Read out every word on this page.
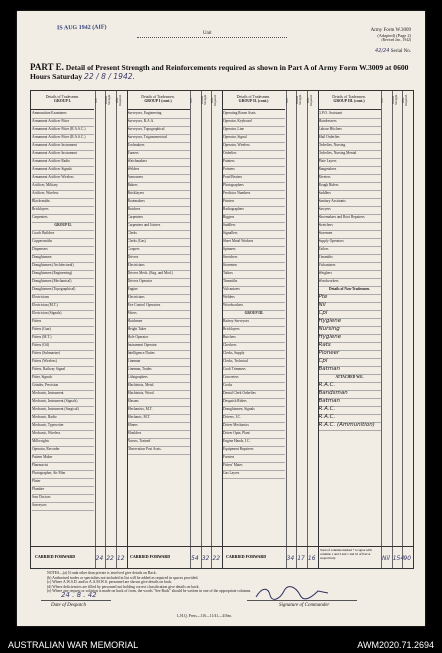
IS AUG 1942 (AIF)
Unit
Army Form W.3009
(Adapted) (Page 2)
(Revised Jan., 1942)
42/24 Serial No.
PART E. Detail of Present Strength and Reinforcements required as shown in Part A of Army Form W.3009 at 0600 Hours Saturday 22 / 8 / 1942.
Details of Tradesmen.
GROUP I.
Details of Tradesmen.
GROUP I (cont.)
Details of Tradesmen.
GROUP II. (cont.)
Details of Tradesmen.
GROUP III. (cont.)
W.E.	Posted Strength.	Rfts. Required.	W.E.	Posted Strength.	Rfts. Required.	W.E.	Posted Strength.	Rfts. Required.	W.E.	Posted Strength.	Rfts. Required.
Ammunition Examiners
Armament Artificer Fitter
Armament Artificer Fitter (R.A.S.C.)
Armament Artificer Fitter (R.A.S.C.)
Armament Artificer Instrument
Armament Artificer Instrument
Armament Artificer Radio
Armament Artificer Signals
Armament Artificer Wireless
Artificer, Military
Artificer, Wireless
Blacksmiths
Bricklayers
Carpenters
GROUP II.
Coach Builders
Coppersmiths
Dispensers
Draughtsmen
Draughtsmen (Architectural)
Draughtsmen (Engineering)
Draughtsmen (Mechanical)
Draughtsmen (Topographical)
Electricians
Electrician (M.T.)
Electrician (Signals)
Fitters
Fitters (Gun)
Fitters (M.T.)
Fitters (Oil)
Fitters (Submarine)
Fitters (Wireless)
Fitters, Railway Signal
Fitter, Signals
Grinder, Precision
Mechanic, Instrument
Mechanic, Instrument (Signals)
Mechanic, Instrument (Surgical)
Mechanic, Radio
Mechanic, Typewriter
Mechanic, Wireless
Millwrights
Operator, Recorder
Pattern Maker
Pharmacist
Photographer, Air Film
Plater
Plumber
Saw Doctors
Surveyors
Surveyors, Engineering
Surveyors, R.A.A.
Surveyors, Topographical
Surveyors, Trigonometrical
Toolmakers
Turners
Watchmakers
Welders
Armourers
Bakers
Bricklayers
Bootmakers
Butchers
Carpenters
Carpenters and Joiners
Clerks
Clerks (Gas)
Coopers
Drivers
Electricians
Drivers Mech. (Eng. and Mod.)
Drivers Operator
Engine
Electricians
Fire Control Operators
Fitters
Hatchmen
Height Taker
Hole Operator
Instrument Operator
Intelligence Duties
Lineman
Lineman, Trades
Lithographers
Machinists, Metal
Machinists, Wood
Masons
Mechanists, M.T.
Mechanic, M.T.
Miners
Moulders
Nurses, Trained
Observation Post Assts.
Operating Room Assts.
Operator, Keyboard
Operator, Line
Operator, Signal
Operator, Wireless
Orderlies
Painters
Pointers
Pond Beaters
Photographers
Predictor Numbers
Printers
Radiographers
Riggers
Saddlers
Signallers
Sheet Metal Workers
Spinners
Stretchers
Storemen
Tailors
Tinsmiths
Vulcanizers
Welders
Woodworkers
GROUP III.
Battery Surveyors
Bricklayers
Butchers
Checkers
Clerks, Supply
Clerks, Technical
Cook Trimmers
Concreters
Cooks
Dental Clerk Orderlies
Despatch Riders
Draughtsmen, Signals
Drivers, I.C.
Driver Mechanics
Driver Optn, Plant
Engine Hands, I.C.
Equipment Repairers
Farriers
Fitters' Mates
Gas Layers
G.P.O. Assistant
Hairdressers
Labour Hitchers
Mail Orderlies
Orderlies, Nursing
Orderlies, Nursing Mental
Plate Layers
Rangetakers
Riveters
Rough Riders
Saddlers
Sanitary Assistants
Sawyers
Shoemakers and Boot Repairers
Stretchers
Storemen
Supply Operators
Tailors
Tinsmiths
Vulcanizers
Weighers
Woodworkers
Details of Non-Tradesmen.
Pte
Nil
Cpl
Hygiene
Nursing
Hygiene
Rats
Pioneer
Cpl
Batman
ATTACHED W.E.
R.A.C.
Bandsman
Batman
R.A.C.
R.A.C.
R.A.C. (Ammunition)
CARRIED FORWARD	CARRIED FORWARD	CARRIED FORWARD
Total of columns marked * to agree with columns 1 and 3 and 1 and 10 of Part A respectively.
24 22 12	54 32 22	34 17 16	Nil 154 90
NOTES—(a) If rank other than private is involved give details on Back.
(b) Authorised trades or specialists not included in list will be added as required in spaces provided.
(c) Where A.W.S.D. and/or A.A.M.W.S. personnel are shown give details on back.
(d) Where deficiencies are filled by personnel not holding correct classification give details on back.
(e) Where any request or solution is made on back of form, the words "See Back" should be written in one of the appropriate columns.
24 . 8 . 42
Date of Despatch	Signature of Commander
L.H.Q. Press—116—11/41—416m.
AUSTRALIAN WAR MEMORIAL	AWM2020.71.2694
